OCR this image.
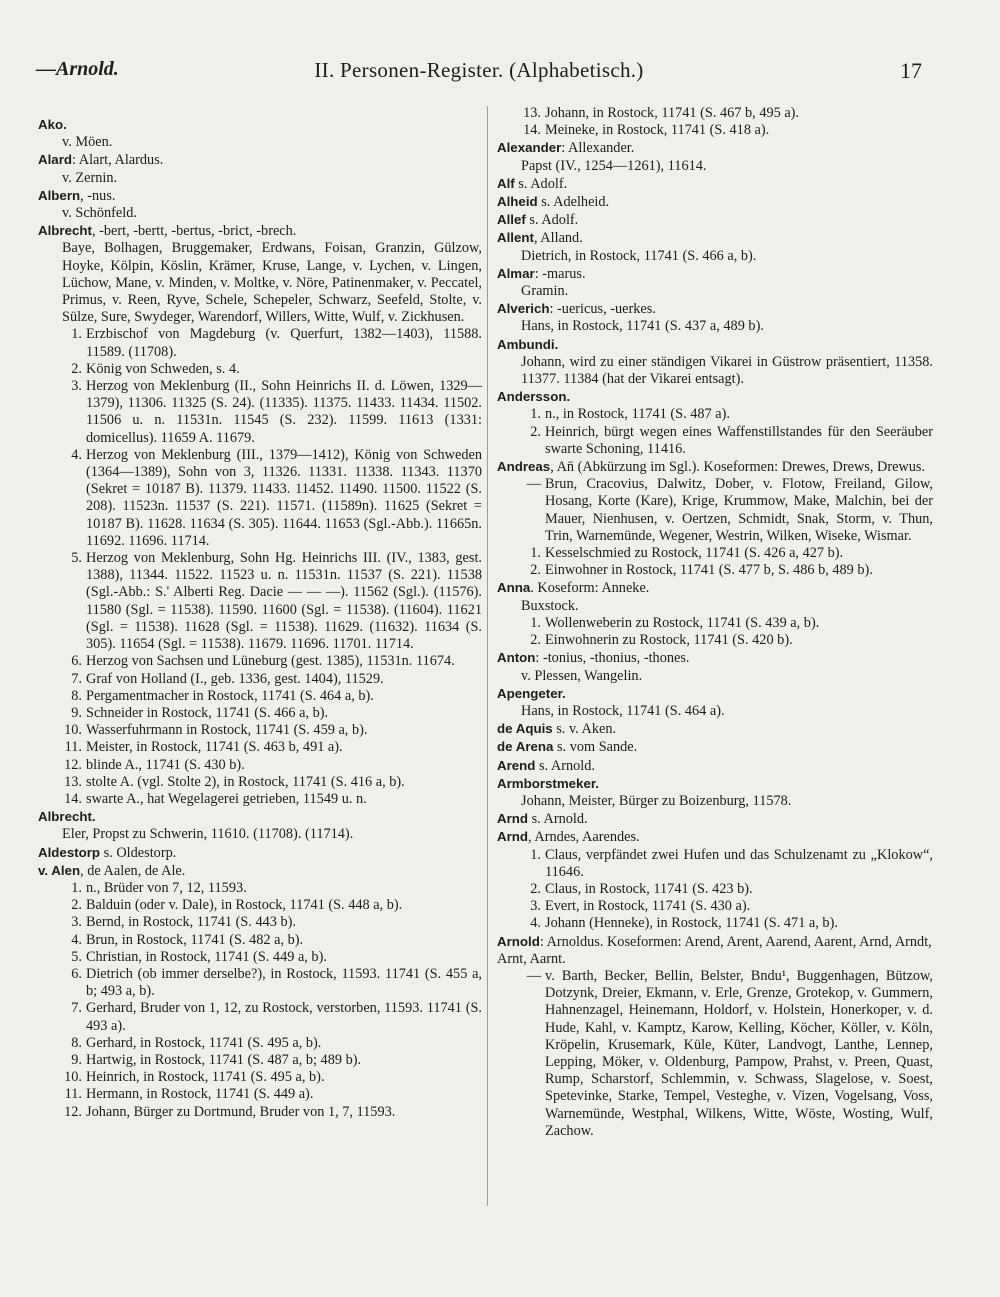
—Arnold.	II. Personen-Register. (Alphabetisch.)	17

Ako.

v. Möen.

Alard: Alart, Alardus.

v. Zernin.

Albern, -nus.

v. Schönfeld.

Albrecht, -bert, -bertt, -bertus, -brict, -brech.

Baye, Bolhagen, Bruggemaker, Erdwans, Foisan, Granzin, Gülzow, Hoyke, Kölpin, Köslin, Krämer, Kruse, Lange, v. Lychen, v. Lingen, Lüchow, Mane, v. Minden, v. Moltke, v. Nöre, Patinenmaker, v. Peccatel, Primus, v. Reen, Ryve, Schele, Schepeler, Schwarz, Seefeld, Stolte, v. Sülze, Sure, Swydeger, Warendorf, Willers, Witte, Wulf, v. Zickhusen.

1. Erzbischof von Magdeburg (v. Querfurt, 1382—1403), 11588. 11589. (11708).

2. König von Schweden, s. 4.

3. Herzog von Meklenburg (II., Sohn Heinrichs II. d. Löwen, 1329—1379), 11306. 11325 (S. 24). (11335). 11375. 11433. 11434. 11502. 11506 u. n. 11531n. 11545 (S. 232). 11599. 11613 (1331: domicellus). 11659 A. 11679.

4. Herzog von Meklenburg (III., 1379—1412), König von Schweden (1364—1389), Sohn von 3, 11326. 11331. 11338. 11343. 11370 (Sekret = 10187 B). 11379. 11433. 11452. 11490. 11500. 11522 (S. 208). 11523n. 11537 (S. 221). 11571. (11589n). 11625 (Sekret = 10187 B). 11628. 11634 (S. 305). 11644. 11653 (Sgl.-Abb.). 11665n. 11692. 11696. 11714.

5. Herzog von Meklenburg, Sohn Hg. Heinrichs III. (IV., 1383, gest. 1388), 11344. 11522. 11523 u. n. 11531n. 11537 (S. 221). 11538 (Sgl.-Abb.: S.' Alberti Reg. Dacie — — —). 11562 (Sgl.). (11576). 11580 (Sgl. = 11538). 11590. 11600 (Sgl. = 11538). (11604). 11621 (Sgl. = 11538). 11628 (Sgl. = 11538). 11629. (11632). 11634 (S. 305). 11654 (Sgl. = 11538). 11679. 11696. 11701. 11714.

6. Herzog von Sachsen und Lüneburg (gest. 1385), 11531n. 11674.

7. Graf von Holland (I., geb. 1336, gest. 1404), 11529.

8. Pergamentmacher in Rostock, 11741 (S. 464 a, b).

9. Schneider in Rostock, 11741 (S. 466 a, b).

10. Wasserfuhrmann in Rostock, 11741 (S. 459 a, b).

11. Meister, in Rostock, 11741 (S. 463 b, 491 a).

12. blinde A., 11741 (S. 430 b).

13. stolte A. (vgl. Stolte 2), in Rostock, 11741 (S. 416 a, b).

14. swarte A., hat Wegelagerei getrieben, 11549 u. n.

Albrecht.

Eler, Propst zu Schwerin, 11610. (11708). (11714).

Aldestorp s. Oldestorp.

v. Alen, de Aalen, de Ale.

1. n., Brüder von 7, 12, 11593.

2. Balduin (oder v. Dale), in Rostock, 11741 (S. 448 a, b).

3. Bernd, in Rostock, 11741 (S. 443 b).

4. Brun, in Rostock, 11741 (S. 482 a, b).

5. Christian, in Rostock, 11741 (S. 449 a, b).

6. Dietrich (ob immer derselbe?), in Rostock, 11593. 11741 (S. 455 a, b; 493 a, b).

7. Gerhard, Bruder von 1, 12, zu Rostock, verstorben, 11593. 11741 (S. 493 a).

8. Gerhard, in Rostock, 11741 (S. 495 a, b).

9. Hartwig, in Rostock, 11741 (S. 487 a, b; 489 b).

10. Heinrich, in Rostock, 11741 (S. 495 a, b).

11. Hermann, in Rostock, 11741 (S. 449 a).

12. Johann, Bürger zu Dortmund, Bruder von 1, 7, 11593.

13. Johann, in Rostock, 11741 (S. 467 b, 495 a).

14. Meineke, in Rostock, 11741 (S. 418 a).

Alexander: Allexander.

Papst (IV., 1254—1261), 11614.

Alf s. Adolf.

Alheid s. Adelheid.

Allef s. Adolf.

Allent, Alland.

Dietrich, in Rostock, 11741 (S. 466 a, b).

Almar: -marus.

Gramin.

Alverich: -uericus, -uerkes.

Hans, in Rostock, 11741 (S. 437 a, 489 b).

Ambundi.

Johann, wird zu einer ständigen Vikarei in Güstrow präsentiert, 11358. 11377. 11384 (hat der Vikarei entsagt).

Andersson.

1. n., in Rostock, 11741 (S. 487 a).

2. Heinrich, bürgt wegen eines Waffenstillstandes für den Seeräuber swarte Schoning, 11416.

Andreas, An̄ (Abkürzung im Sgl.). Koseformen: Drewes, Drews, Drewus.

— Brun, Cracovius, Dalwitz, Dober, v. Flotow, Freiland, Gilow, Hosang, Korte (Kare), Krige, Krummow, Make, Malchin, bei der Mauer, Nienhusen, v. Oertzen, Schmidt, Snak, Storm, v. Thun, Trin, Warnemünde, Wegener, Westrin, Wilken, Wiseke, Wismar.

1. Kesselschmied zu Rostock, 11741 (S. 426 a, 427 b).

2. Einwohner in Rostock, 11741 (S. 477 b, S. 486 b, 489 b).

Anna. Koseform: Anneke.

Buxstock.

1. Wollenweberin zu Rostock, 11741 (S. 439 a, b).

2. Einwohnerin zu Rostock, 11741 (S. 420 b).

Anton: -tonius, -thonius, -thones.

v. Plessen, Wangelin.

Apengeter.

Hans, in Rostock, 11741 (S. 464 a).

de Aquis s. v. Aken.

de Arena s. vom Sande.

Arend s. Arnold.

Armborstmeker.

Johann, Meister, Bürger zu Boizenburg, 11578.

Arnd s. Arnold.

Arnd, Arndes, Aarendes.

1. Claus, verpfändet zwei Hufen und das Schulzenamt zu „Klokow“, 11646.

2. Claus, in Rostock, 11741 (S. 423 b).

3. Evert, in Rostock, 11741 (S. 430 a).

4. Johann (Henneke), in Rostock, 11741 (S. 471 a, b).

Arnold: Arnoldus. Koseformen: Arend, Arent, Aarend, Aarent, Arnd, Arndt, Arnt, Aarnt.

— v. Barth, Becker, Bellin, Belster, Bndu¹, Buggenhagen, Bützow, Dotzynk, Dreier, Ekmann, v. Erle, Grenze, Grotekop, v. Gummern, Hahnenzagel, Heinemann, Holdorf, v. Holstein, Honerkoper, v. d. Hude, Kahl, v. Kamptz, Karow, Kelling, Köcher, Köller, v. Köln, Kröpelin, Krusemark, Küle, Küter, Landvogt, Lanthe, Lennep, Lepping, Möker, v. Oldenburg, Pampow, Prahst, v. Preen, Quast, Rump, Scharstorf, Schlemmin, v. Schwass, Slagelose, v. Soest, Spetevinke, Starke, Tempel, Vesteghe, v. Vizen, Vogelsang, Voss, Warnemünde, Westphal, Wilkens, Witte, Wöste, Wosting, Wulf, Zachow.
